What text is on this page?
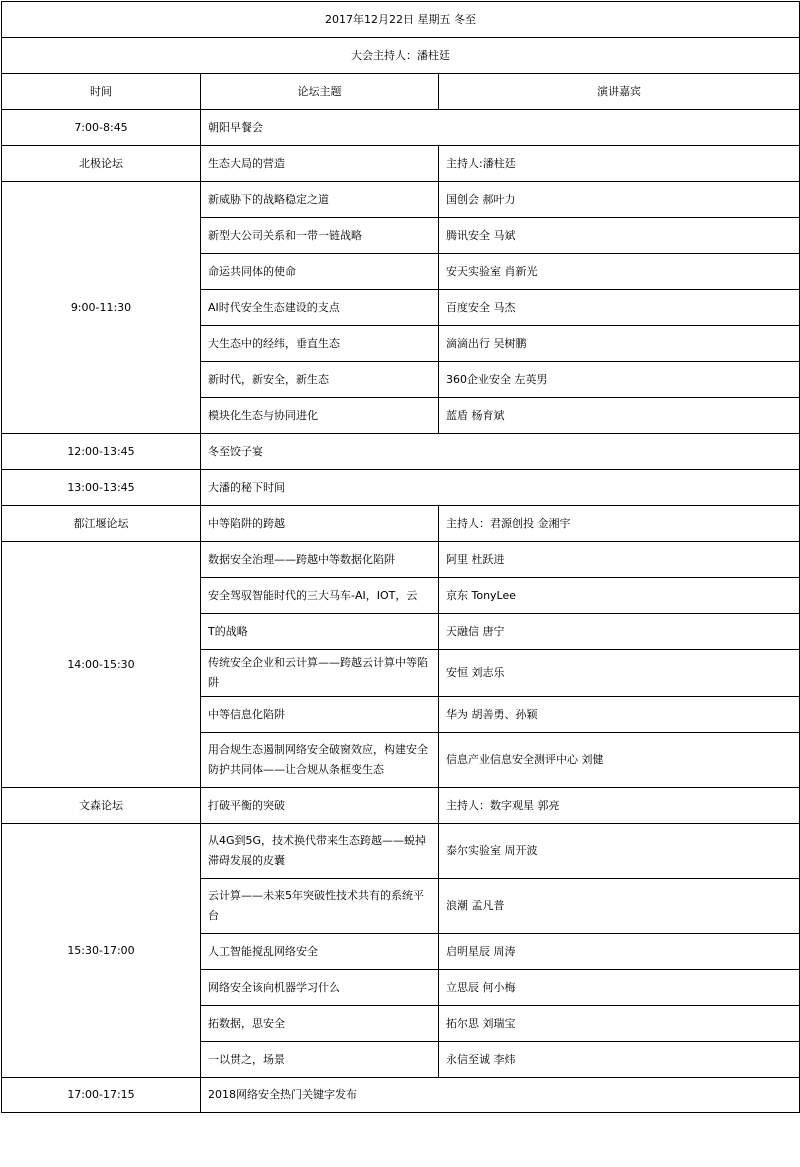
2017年12月22日 星期五 冬至		
大会主持人：潘柱廷		
时间	论坛主题	演讲嘉宾
7:00-8:45	朝阳早餐会	
北极论坛	生态大局的营造	主持人:潘柱廷
9:00-11:30	新威胁下的战略稳定之道	国创会 郝叶力
	新型大公司关系和一带一链战略	腾讯安全 马斌
	命运共同体的使命	安天实验室 肖新光
	AI时代安全生态建设的支点	百度安全 马杰
	大生态中的经纬，垂直生态	滴滴出行 吴树鹏
	新时代，新安全，新生态	360企业安全 左英男
	模块化生态与协同进化	蓝盾 杨育斌
12:00-13:45	冬至饺子宴	
13:00-13:45	大潘的秘下时间	
都江堰论坛	中等陷阱的跨越	主持人：君源创投 金湘宇
14:00-15:30	数据安全治理——跨越中等数据化陷阱	阿里 杜跃进
	安全驾驭智能时代的三大马车-AI，IOT，云	京东 TonyLee
	T的战略	天融信 唐宁
	传统安全企业和云计算——跨越云计算中等陷阱	安恒 刘志乐
	中等信息化陷阱	华为 胡善勇、孙颖
	用合规生态遏制网络安全破窗效应，构建安全防护共同体——让合规从条框变生态	信息产业信息安全测评中心 刘健
文森论坛	打破平衡的突破	主持人：数字观星 郭亮
15:30-17:00	从4G到5G，技术换代带来生态跨越——蜕掉滞碍发展的皮囊	泰尔实验室 周开波
	云计算——未来5年突破性技术共有的系统平台	浪潮 孟凡普
	人工智能搅乱网络安全	启明星辰 周涛
	网络安全该向机器学习什么	立思辰 何小梅
	拓数据，思安全	拓尔思 刘瑞宝
	一以贯之，场景	永信至诚 李炜
17:00-17:15	2018网络安全热门关键字发布	
